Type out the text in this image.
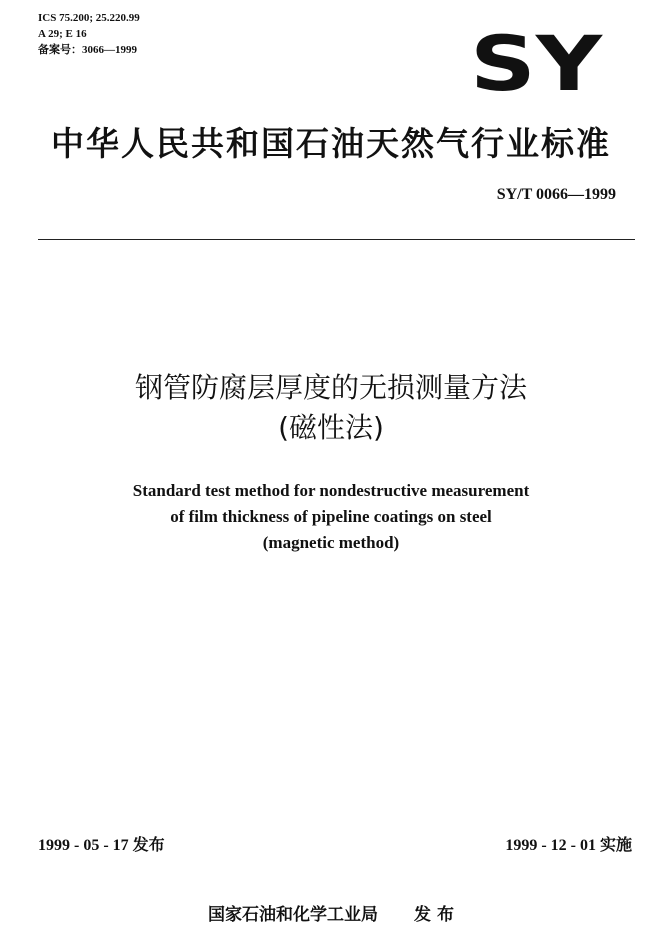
ICS 75.200; 25.220.99
A 29; E 16
备案号：3066—1999	SY
中华人民共和国石油天然气行业标准
SY/T 0066—1999
钢管防腐层厚度的无损测量方法
(磁性法)
Standard test method for nondestructive measurement
of film thickness of pipeline coatings on steel
(magnetic method)
1999 - 05 - 17 发布	1999 - 12 - 01 实施
国家石油和化学工业局 发 布
